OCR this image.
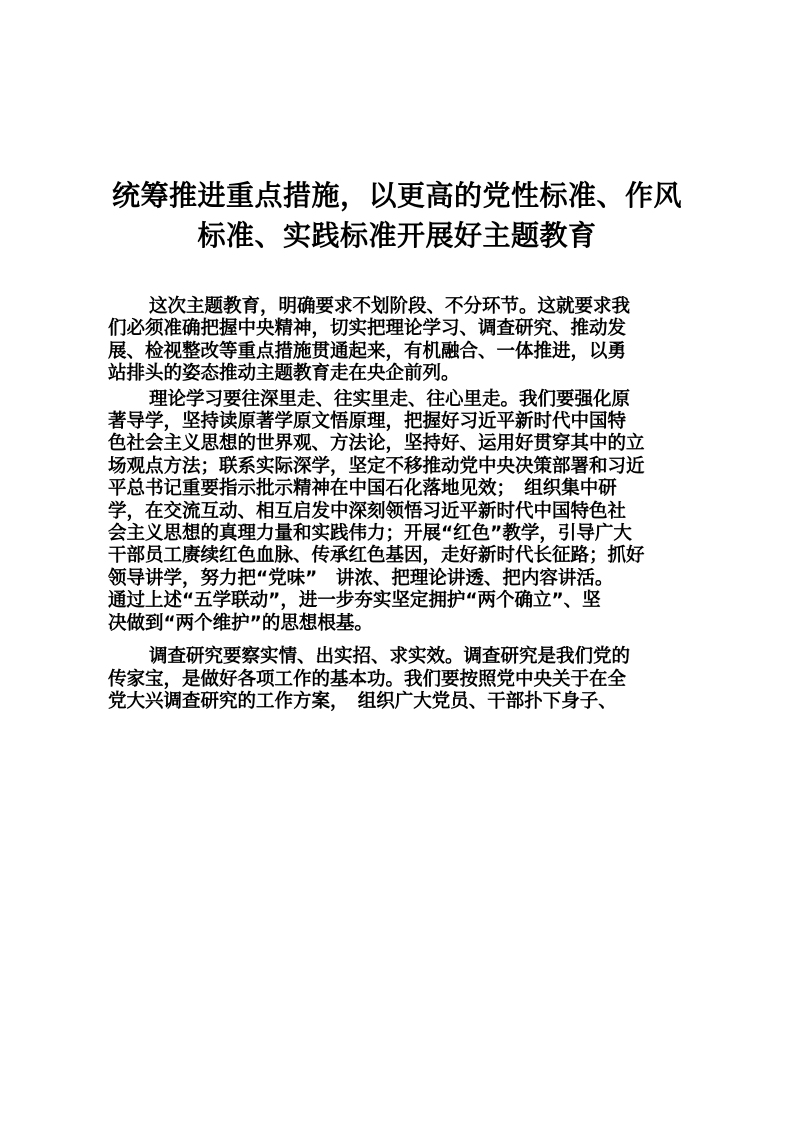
统筹推进重点措施，以更高的党性标准、作风
标准、实践标准开展好主题教育
这次主题教育，明确要求不划阶段、不分环节。这就要求我
们必须准确把握中央精神，切实把理论学习、调查研究、推动发
展、检视整改等重点措施贯通起来，有机融合、一体推进，以勇
站排头的姿态推动主题教育走在央企前列。
理论学习要往深里走、往实里走、往心里走。我们要强化原
著导学，坚持读原著学原文悟原理，把握好习近平新时代中国特
色社会主义思想的世界观、方法论，坚持好、运用好贯穿其中的立
场观点方法；联系实际深学，坚定不移推动党中央决策部署和习近
平总书记重要指示批示精神在中国石化落地见效；　组织集中研
学，在交流互动、相互启发中深刻领悟习近平新时代中国特色社
会主义思想的真理力量和实践伟力；开展“红色”教学，引导广大
干部员工赓续红色血脉、传承红色基因，走好新时代长征路；抓好
领导讲学，努力把“党味”　讲浓、把理论讲透、把内容讲活。
通过上述“五学联动”，进一步夯实坚定拥护“两个确立”、坚
决做到“两个维护”的思想根基。
调查研究要察实情、出实招、求实效。调查研究是我们党的
传家宝，是做好各项工作的基本功。我们要按照党中央关于在全
党大兴调查研究的工作方案，　组织广大党员、干部扑下身子、
